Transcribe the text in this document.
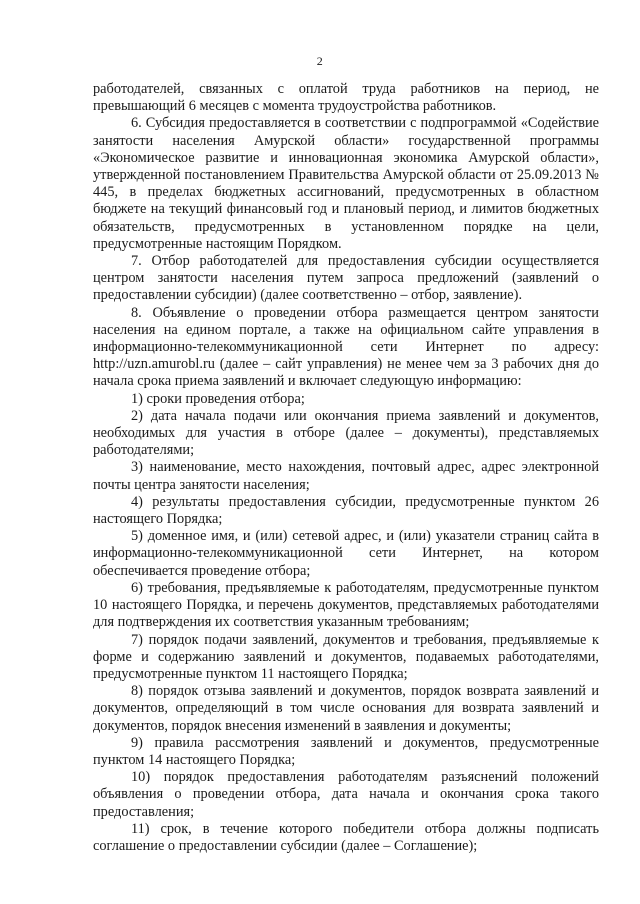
2

работодателей, связанных с оплатой труда работников на период, не превышающий 6 месяцев с момента трудоустройства работников.

6. Субсидия предоставляется в соответствии с подпрограммой «Содействие занятости населения Амурской области» государственной программы «Экономическое развитие и инновационная экономика Амурской области», утвержденной постановлением Правительства Амурской области от 25.09.2013 № 445, в пределах бюджетных ассигнований, предусмотренных в областном бюджете на текущий финансовый год и плановый период, и лимитов бюджетных обязательств, предусмотренных в установленном порядке на цели, предусмотренные настоящим Порядком.

7. Отбор работодателей для предоставления субсидии осуществляется центром занятости населения путем запроса предложений (заявлений о предоставлении субсидии) (далее соответственно – отбор, заявление).

8. Объявление о проведении отбора размещается центром занятости населения на едином портале, а также на официальном сайте управления в информационно-телекоммуникационной сети Интернет по адресу: http://uzn.amurobl.ru (далее – сайт управления) не менее чем за 3 рабочих дня до начала срока приема заявлений и включает следующую информацию:

1) сроки проведения отбора;

2) дата начала подачи или окончания приема заявлений и документов, необходимых для участия в отборе (далее – документы), представляемых работодателями;

3) наименование, место нахождения, почтовый адрес, адрес электронной почты центра занятости населения;

4) результаты предоставления субсидии, предусмотренные пунктом 26 настоящего Порядка;

5) доменное имя, и (или) сетевой адрес, и (или) указатели страниц сайта в информационно-телекоммуникационной сети Интернет, на котором обеспечивается проведение отбора;

6) требования, предъявляемые к работодателям, предусмотренные пунктом 10 настоящего Порядка, и перечень документов, представляемых работодателями для подтверждения их соответствия указанным требованиям;

7) порядок подачи заявлений, документов и требования, предъявляемые к форме и содержанию заявлений и документов, подаваемых работодателями, предусмотренные пунктом 11 настоящего Порядка;

8) порядок отзыва заявлений и документов, порядок возврата заявлений и документов, определяющий в том числе основания для возврата заявлений и документов, порядок внесения изменений в заявления и документы;

9) правила рассмотрения заявлений и документов, предусмотренные пунктом 14 настоящего Порядка;

10) порядок предоставления работодателям разъяснений положений объявления о проведении отбора, дата начала и окончания срока такого предоставления;

11) срок, в течение которого победители отбора должны подписать соглашение о предоставлении субсидии (далее – Соглашение);
